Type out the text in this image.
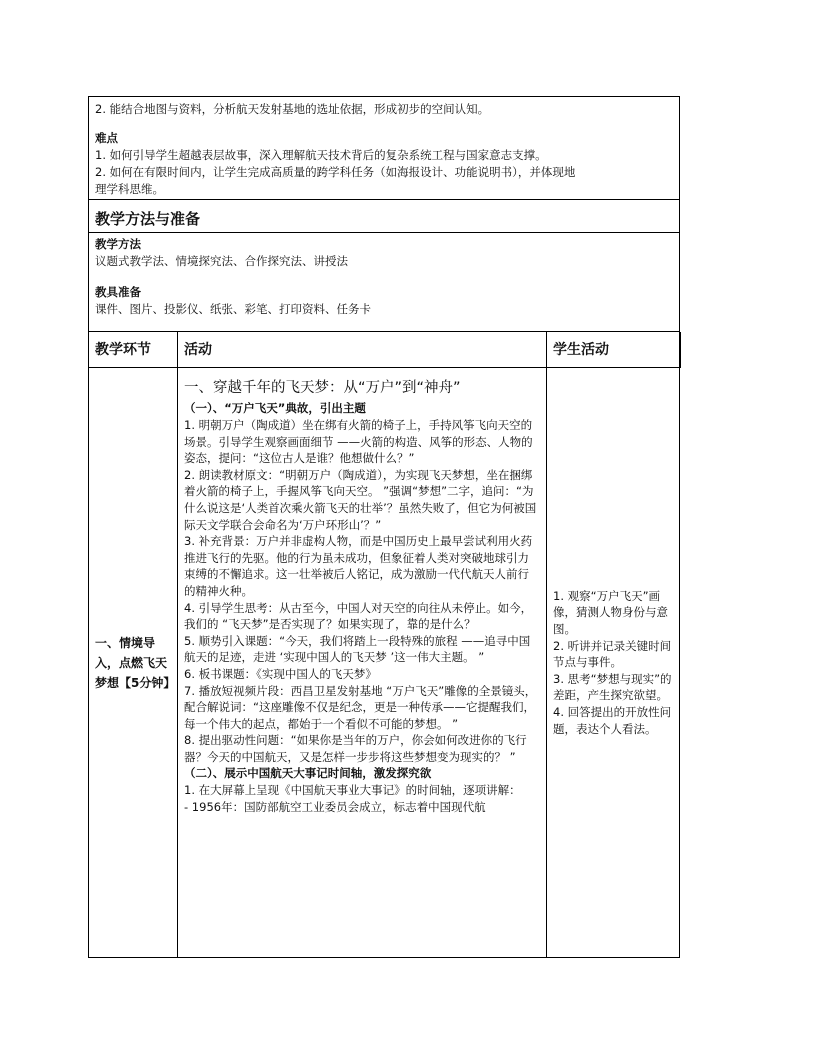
2. 能结合地图与资料，分析航天发射基地的选址依据，形成初步的空间认知。

难点

1. 如何引导学生超越表层故事，深入理解航天技术背后的复杂系统工程与国家意志支撑。

2. 如何在有限时间内，让学生完成高质量的跨学科任务（如海报设计、功能说明书），并体现地

理学科思维。

教学方法与准备

教学方法

议题式教学法、情境探究法、合作探究法、讲授法

教具准备

课件、图片、投影仪、纸张、彩笔、打印资料、任务卡

教学环节	活动	学生活动
一、情境导入，点燃飞天梦想【5分钟】
一、穿越千年的飞天梦：从“万户”到“神舟”
（一）、“万户飞天”典故，引出主题

1. 明朝万户（陶成道）坐在绑有火箭的椅子上，手持风筝飞向天空的场景。引导学生观察画面细节 ——火箭的构造、风筝的形态、人物的姿态，提问：“这位古人是谁？他想做什么？”

2. 朗读教材原文：“明朝万户（陶成道），为实现飞天梦想，坐在捆绑着火箭的椅子上，手握风筝飞向天空。 ”强调“梦想”二字，追问：“为什么说这是‘人类首次乘火箭飞天的壮举’？虽然失败了，但它为何被国际天文学联合会命名为‘万户环形山’？”

3. 补充背景：万户并非虚构人物，而是中国历史上最早尝试利用火药推进飞行的先驱。他的行为虽未成功，但象征着人类对突破地球引力束缚的不懈追求。这一壮举被后人铭记，成为激励一代代航天人前行的精神火种。

4. 引导学生思考：从古至今，中国人对天空的向往从未停止。如今，我们的 “飞天梦”是否实现了？如果实现了，靠的是什么？

5. 顺势引入课题：“今天，我们将踏上一段特殊的旅程 ——追寻中国航天的足迹，走进 ‘实现中国人的飞天梦 ’这一伟大主题。 ”

6. 板书课题：《实现中国人的飞天梦》

7. 播放短视频片段：西昌卫星发射基地 “万户飞天”雕像的全景镜头，配合解说词：“这座雕像不仅是纪念，更是一种传承——它提醒我们，每一个伟大的起点，都始于一个看似不可能的梦想。 ”

8. 提出驱动性问题：“如果你是当年的万户，你会如何改进你的飞行器？今天的中国航天，又是怎样一步步将这些梦想变为现实的？ ”

（二）、展示中国航天大事记时间轴，激发探究欲

1. 在大屏幕上呈现《中国航天事业大事记》的时间轴，逐项讲解：

- 1956年：国防部航空工业委员会成立，标志着中国现代航

1. 观察“万户飞天”画像，猜测人物身份与意图。

2. 听讲并记录关键时间节点与事件。

3. 思考“梦想与现实”的差距，产生探究欲望。

4. 回答提出的开放性问题，表达个人看法。
